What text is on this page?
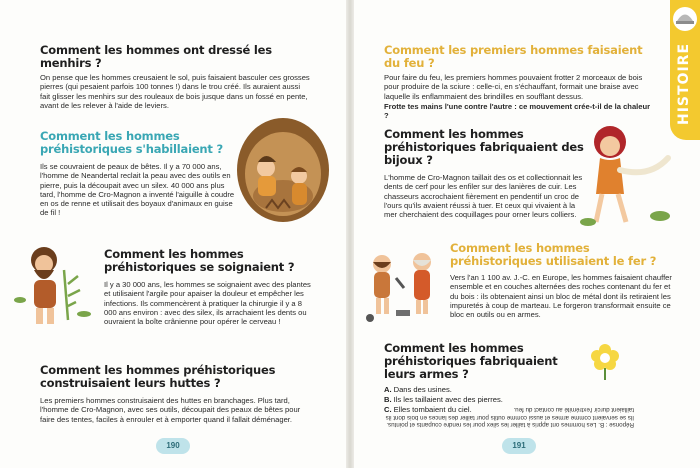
Comment les hommes ont dressé les menhirs ?

On pense que les hommes creusaient le sol, puis faisaient basculer ces grosses pierres (qui pesaient parfois 100 tonnes !) dans le trou créé. Ils auraient aussi fait glisser les menhirs sur des rouleaux de bois jusque dans un fossé en pente, avant de les relever à l'aide de leviers.

Comment les hommes préhistoriques s'habillaient ?

Ils se couvraient de peaux de bêtes. Il y a 70 000 ans, l'homme de Neandertal reclait la peau avec des outils en pierre, puis la découpait avec un silex. 40 000 ans plus tard, l'homme de Cro-Magnon a inventé l'aiguille à coudre en os de renne et utilisait des boyaux d'animaux en guise de fil !

Comment les hommes préhistoriques se soignaient ?

Il y a 30 000 ans, les hommes se soignaient avec des plantes et utilisaient l'argile pour apaiser la douleur et empêcher les infections. Ils commencèrent à pratiquer la chirurgie il y a 8 000 ans environ : avec des silex, ils arrachaient les dents ou ouvraient la boîte crânienne pour opérer le cerveau !

Comment les hommes préhistoriques construisaient leurs huttes ?

Les premiers hommes construisaient des huttes en branchages. Plus tard, l'homme de Cro-Magnon, avec ses outils, découpait des peaux de bêtes pour faire des tentes, faciles à enrouler et à emporter quand il fallait déménager.

190
HISTOIRE
Comment les premiers hommes faisaient du feu ?

Pour faire du feu, les premiers hommes pouvaient frotter 2 morceaux de bois pour produire de la sciure : celle-ci, en s'échauffant, formait une braise avec laquelle ils enflammaient des brindilles en soufflant dessus.

Frotte tes mains l'une contre l'autre : ce mouvement crée-t-il de la chaleur ?

Comment les hommes préhistoriques fabriquaient des bijoux ?

L'homme de Cro-Magnon taillait des os et collectionnait les dents de cerf pour les enfiler sur des lanières de cuir. Les chasseurs accrochaient fièrement en pendentif un croc de l'ours qu'ils avaient réussi à tuer. Et ceux qui vivaient à la mer cherchaient des coquillages pour orner leurs colliers.

Comment les hommes préhistoriques utilisaient le fer ?

Vers l'an 1 100 av. J.-C. en Europe, les hommes faisaient chauffer ensemble et en couches alternées des roches contenant du fer et du bois : ils obtenaient ainsi un bloc de métal dont ils retiraient les impuretés à coup de marteau. Le forgeron transformait ensuite ce bloc en outils ou en armes.

Comment les hommes préhistoriques fabriquaient leurs armes ?
A. Dans des usines.
B. Ils les taillaient avec des pierres.
C. Elles tombaient du ciel.
Réponse : B. Les hommes ont appris à tailler les silex pour les rendre coupants et pointus. Ils se servaient comme armes et aussi comme outils pour tailler des lances en bois dont ils taillaient durcir l'extrémité au contact du feu.
191
